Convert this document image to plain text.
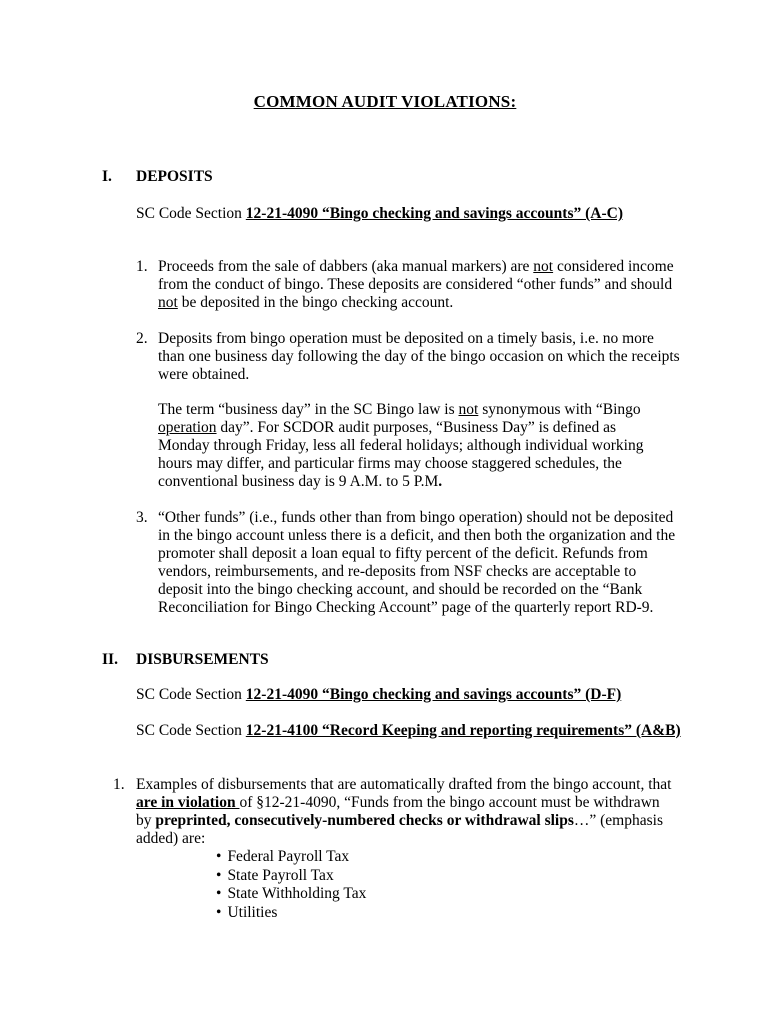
COMMON AUDIT VIOLATIONS:
I. DEPOSITS
SC Code Section 12-21-4090 “Bingo checking and savings accounts” (A-C)
1. Proceeds from the sale of dabbers (aka manual markers) are not considered income from the conduct of bingo. These deposits are considered “other funds” and should not be deposited in the bingo checking account.
2. Deposits from bingo operation must be deposited on a timely basis, i.e. no more than one business day following the day of the bingo occasion on which the receipts were obtained.
The term “business day” in the SC Bingo law is not synonymous with “Bingo operation day”. For SCDOR audit purposes, “Business Day” is defined as Monday through Friday, less all federal holidays; although individual working hours may differ, and particular firms may choose staggered schedules, the conventional business day is 9 A.M. to 5 P.M.
3. “Other funds” (i.e., funds other than from bingo operation) should not be deposited in the bingo account unless there is a deficit, and then both the organization and the promoter shall deposit a loan equal to fifty percent of the deficit. Refunds from vendors, reimbursements, and re-deposits from NSF checks are acceptable to deposit into the bingo checking account, and should be recorded on the “Bank Reconciliation for Bingo Checking Account” page of the quarterly report RD-9.
II. DISBURSEMENTS
SC Code Section 12-21-4090 “Bingo checking and savings accounts” (D-F)
SC Code Section 12-21-4100 “Record Keeping and reporting requirements” (A&B)
1. Examples of disbursements that are automatically drafted from the bingo account, that are in violation of §12-21-4090, “Funds from the bingo account must be withdrawn by preprinted, consecutively-numbered checks or withdrawal slips…” (emphasis added) are:
• Federal Payroll Tax
• State Payroll Tax
• State Withholding Tax
• Utilities
